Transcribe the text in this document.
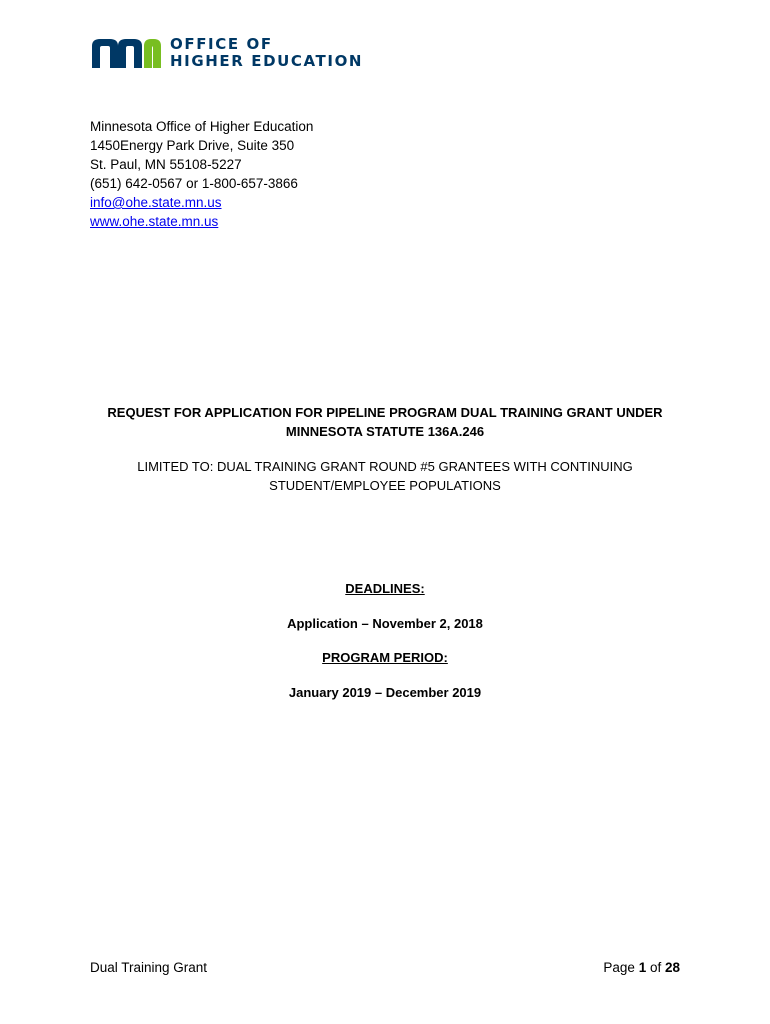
OFFICE OF
HIGHER EDUCATION
Minnesota Office of Higher Education
1450Energy Park Drive, Suite 350
St. Paul, MN 55108-5227
(651) 642-0567 or 1-800-657-3866
info@ohe.state.mn.us
www.ohe.state.mn.us
REQUEST FOR APPLICATION FOR PIPELINE PROGRAM DUAL TRAINING GRANT UNDER
MINNESOTA STATUTE 136A.246
LIMITED TO: DUAL TRAINING GRANT ROUND #5 GRANTEES WITH CONTINUING
STUDENT/EMPLOYEE POPULATIONS
DEADLINES:
Application – November 2, 2018
PROGRAM PERIOD:
January 2019 – December 2019
Dual Training Grant	Page 1 of 28
